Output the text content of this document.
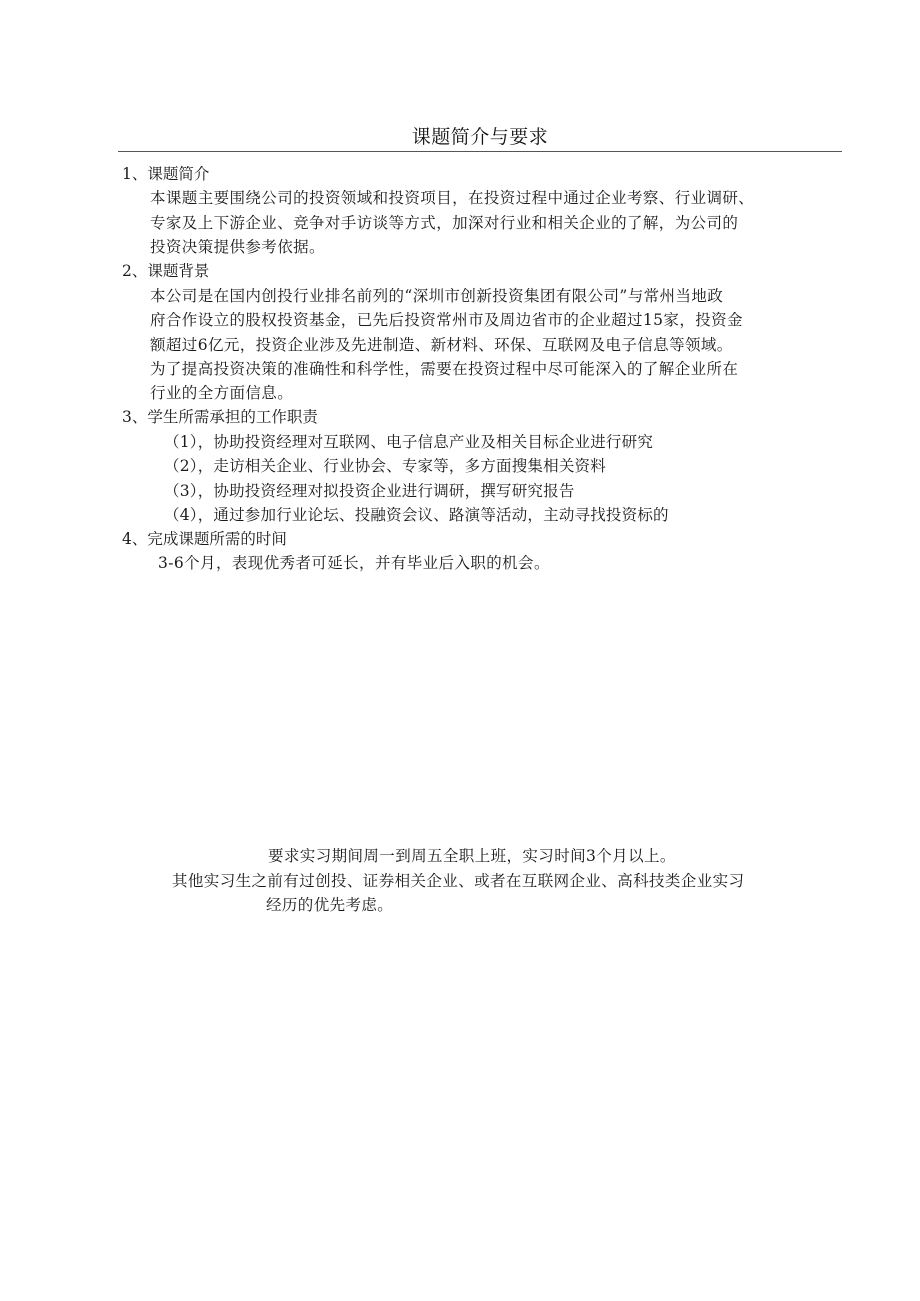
课题简介与要求
1、课题简介
本课题主要围绕公司的投资领域和投资项目，在投资过程中通过企业考察、行业调研、
专家及上下游企业、竞争对手访谈等方式，加深对行业和相关企业的了解，为公司的
投资决策提供参考依据。
2、课题背景
本公司是在国内创投行业排名前列的“深圳市创新投资集团有限公司”与常州当地政
府合作设立的股权投资基金，已先后投资常州市及周边省市的企业超过15家，投资金
额超过6亿元，投资企业涉及先进制造、新材料、环保、互联网及电子信息等领域。
为了提高投资决策的准确性和科学性，需要在投资过程中尽可能深入的了解企业所在
行业的全方面信息。
3、学生所需承担的工作职责
（1），协助投资经理对互联网、电子信息产业及相关目标企业进行研究
（2），走访相关企业、行业协会、专家等，多方面搜集相关资料
（3），协助投资经理对拟投资企业进行调研，撰写研究报告
（4），通过参加行业论坛、投融资会议、路演等活动，主动寻找投资标的
4、完成课题所需的时间
3-6个月，表现优秀者可延长，并有毕业后入职的机会。
要求实习期间周一到周五全职上班，实习时间3个月以上。
其他实习生之前有过创投、证券相关企业、或者在互联网企业、高科技类企业实习
经历的优先考虑。
